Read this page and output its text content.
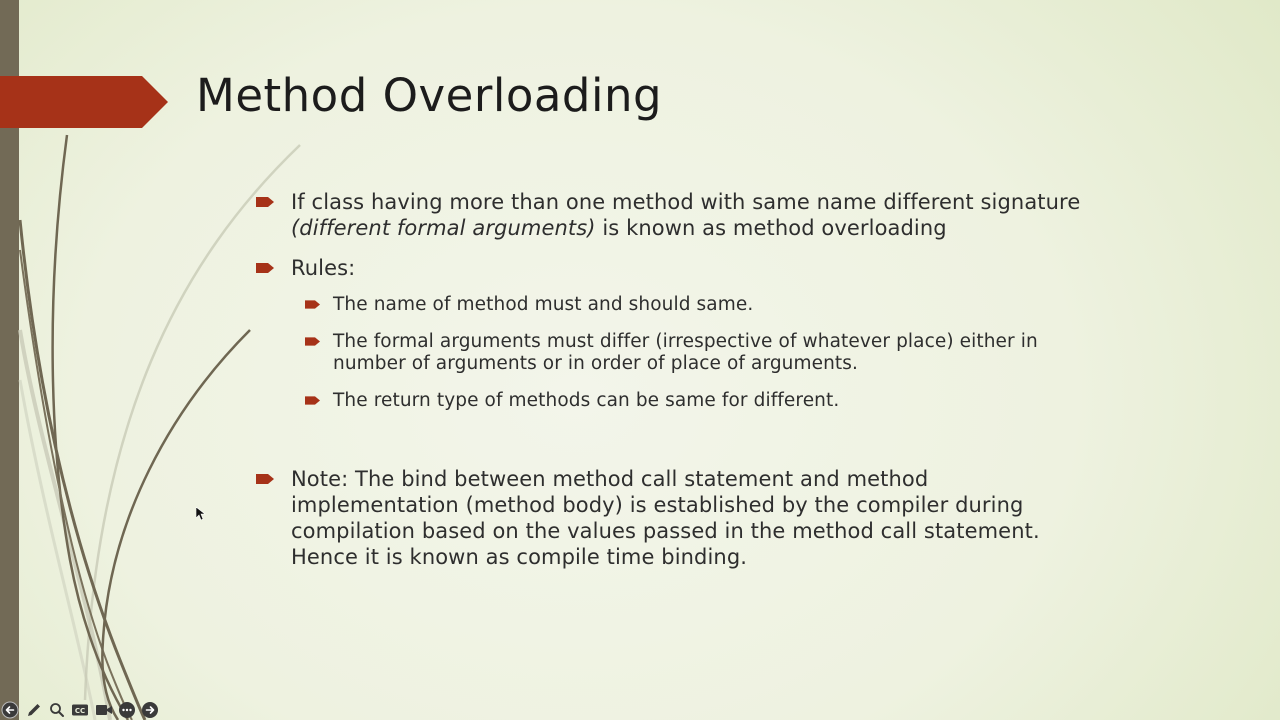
Method Overloading
If class having more than one method with same name different signature
(different formal arguments) is known as method overloading
Rules:
The name of method must and should same.
The formal arguments must differ (irrespective of whatever place) either in
number of arguments or in order of place of arguments.
The return type of methods can be same for different.
Note: The bind between method call statement and method
implementation (method body) is established by the compiler during
compilation based on the values passed in the method call statement.
Hence it is known as compile time binding.
CC
